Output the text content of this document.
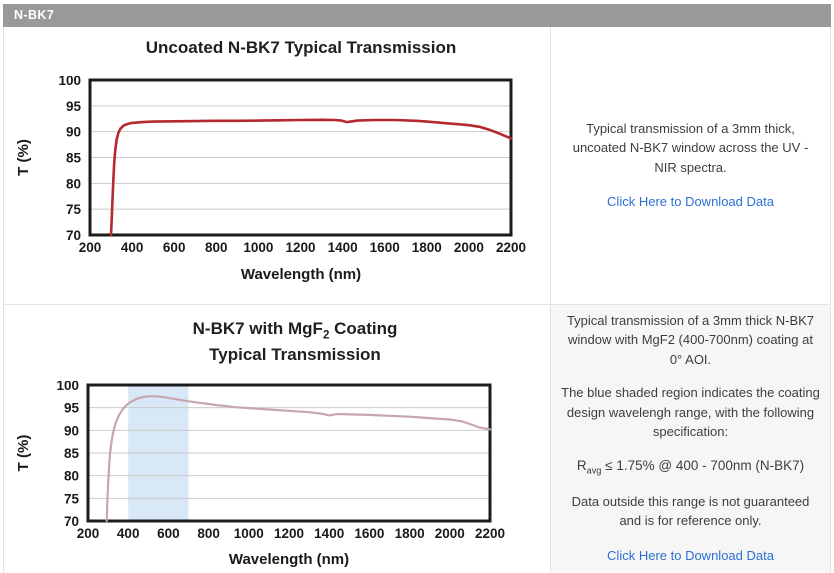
N-BK7
Uncoated N-BK7 Typical Transmission
T (%)
70
75
80
85
90
95
100
200 400 600 800 1000 1200 1400 1600 1800 2000 2200
Wavelength (nm)

Typical transmission of a 3mm thick, uncoated N-BK7 window across the UV - NIR spectra.

Click Here to Download Data
N-BK7 with MgF$_2$ Coating
Typical Transmission
T (%)
70
75
80
85
90
95
100
200 400 600 800 1000 1200 1400 1600 1800 2000 2200
Wavelength (nm)

Typical transmission of a 3mm thick N-BK7 window with MgF2 (400-700nm) coating at 0° AOI.

The blue shaded region indicates the coating design wavelengh range, with the following specification:

$R_{avg} \le 1.75\%$ @ 400 - 700nm (N-BK7)

Data outside this range is not guaranteed and is for reference only.

Click Here to Download Data
